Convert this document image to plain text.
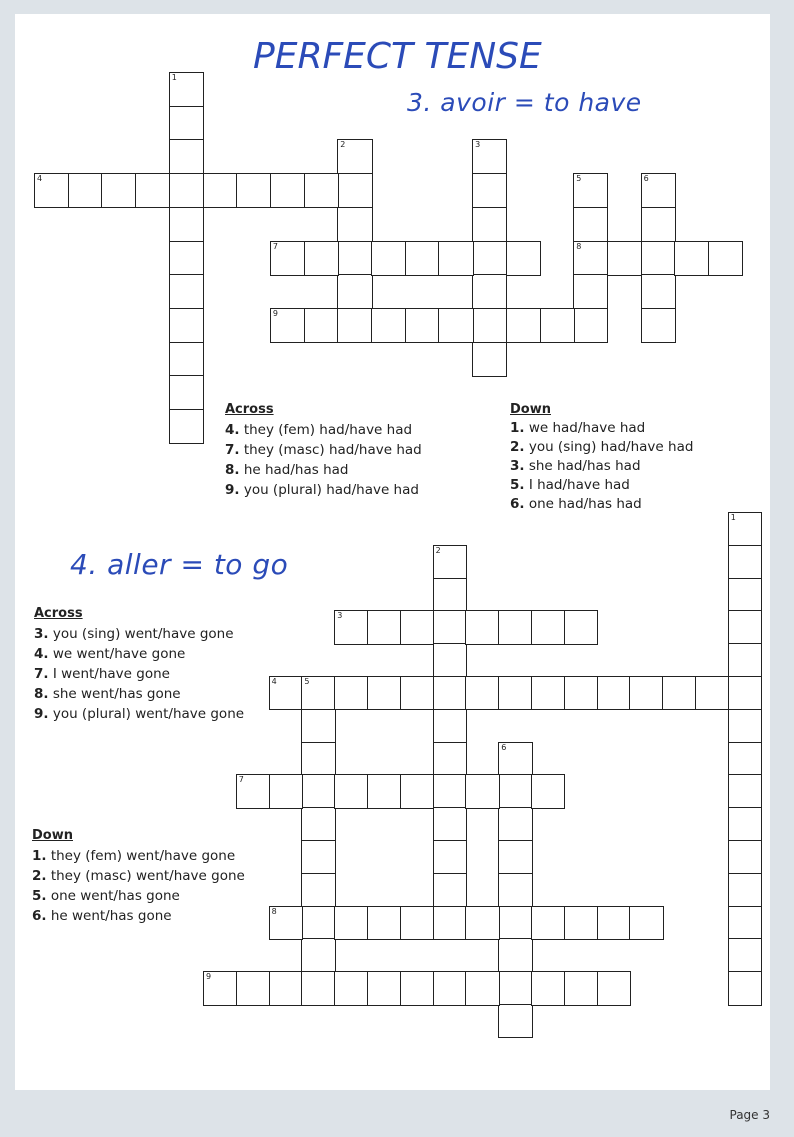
PERFECT TENSE
3. avoir = to have
4. aller = to go
1
2	3
4	5
8
6
7
9
1
2
3
4	5
6
7
8
9
Across
4. they (fem) had/have had
7. they (masc) had/have had
8. he had/has had
9. you (plural) had/have had
Down
1. we had/have had
2. you (sing) had/have had
3. she had/has had
5. I had/have had
6. one had/has had
Across
3. you (sing) went/have gone
4. we went/have gone
7. I went/have gone
8. she went/has gone
9. you (plural) went/have gone
Down
1. they (fem) went/have gone
2. they (masc) went/have gone
5. one went/has gone
6. he went/has gone
Page 3
